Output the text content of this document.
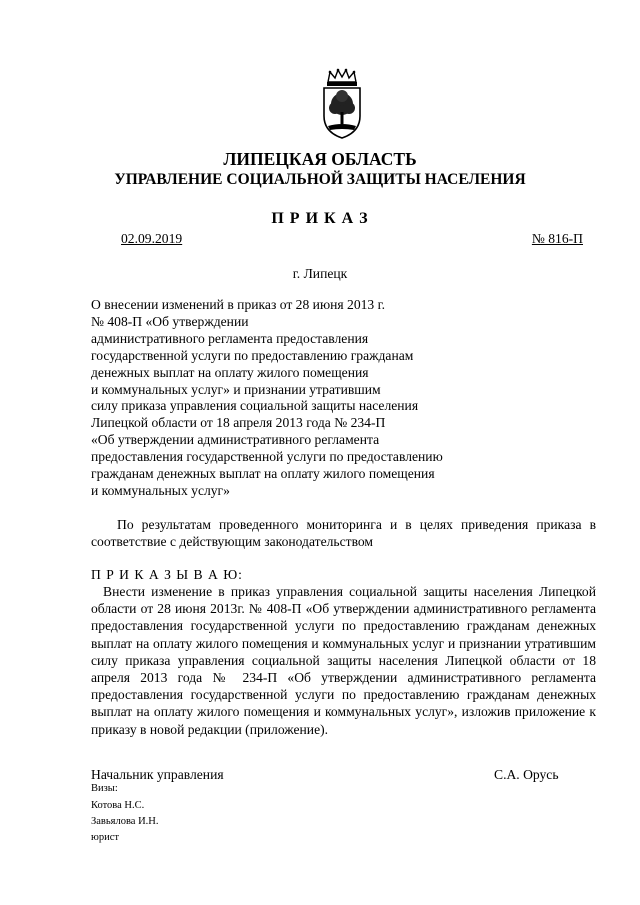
ЛИПЕЦКАЯ ОБЛАСТЬ
УПРАВЛЕНИЕ СОЦИАЛЬНОЙ ЗАЩИТЫ НАСЕЛЕНИЯ
П Р И К А З
02.09.2019	№ 816-П
г. Липецк
О внесении изменений в приказ от 28 июня 2013 г.
№ 408-П «Об утверждении
административного регламента предоставления
государственной услуги по предоставлению гражданам
денежных выплат на оплату жилого помещения
и коммунальных услуг» и признании утратившим
силу приказа управления социальной защиты населения
Липецкой области от 18 апреля 2013 года № 234-П
«Об утверждении административного регламента
предоставления государственной услуги по предоставлению
гражданам денежных выплат на оплату жилого помещения
и коммунальных услуг»
По результатам проведенного мониторинга и в целях приведения приказа в соответствие с действующим законодательством
П Р И К А З Ы В А Ю:
Внести изменение в приказ управления социальной защиты населения Липецкой области от 28 июня 2013г. № 408-П «Об утверждении административного регламента предоставления государственной услуги по предоставлению гражданам денежных выплат на оплату жилого помещения и коммунальных услуг и признании утратившим силу приказа управления социальной защиты населения Липецкой области от 18 апреля 2013 года № 234-П «Об утверждении административного регламента предоставления государственной услуги по предоставлению гражданам денежных выплат на оплату жилого помещения и коммунальных услуг», изложив приложение к приказу в новой редакции (приложение).
Начальник управления	С.А. Орусь
Визы:
Котова Н.С.
Завьялова И.Н.
юрист
